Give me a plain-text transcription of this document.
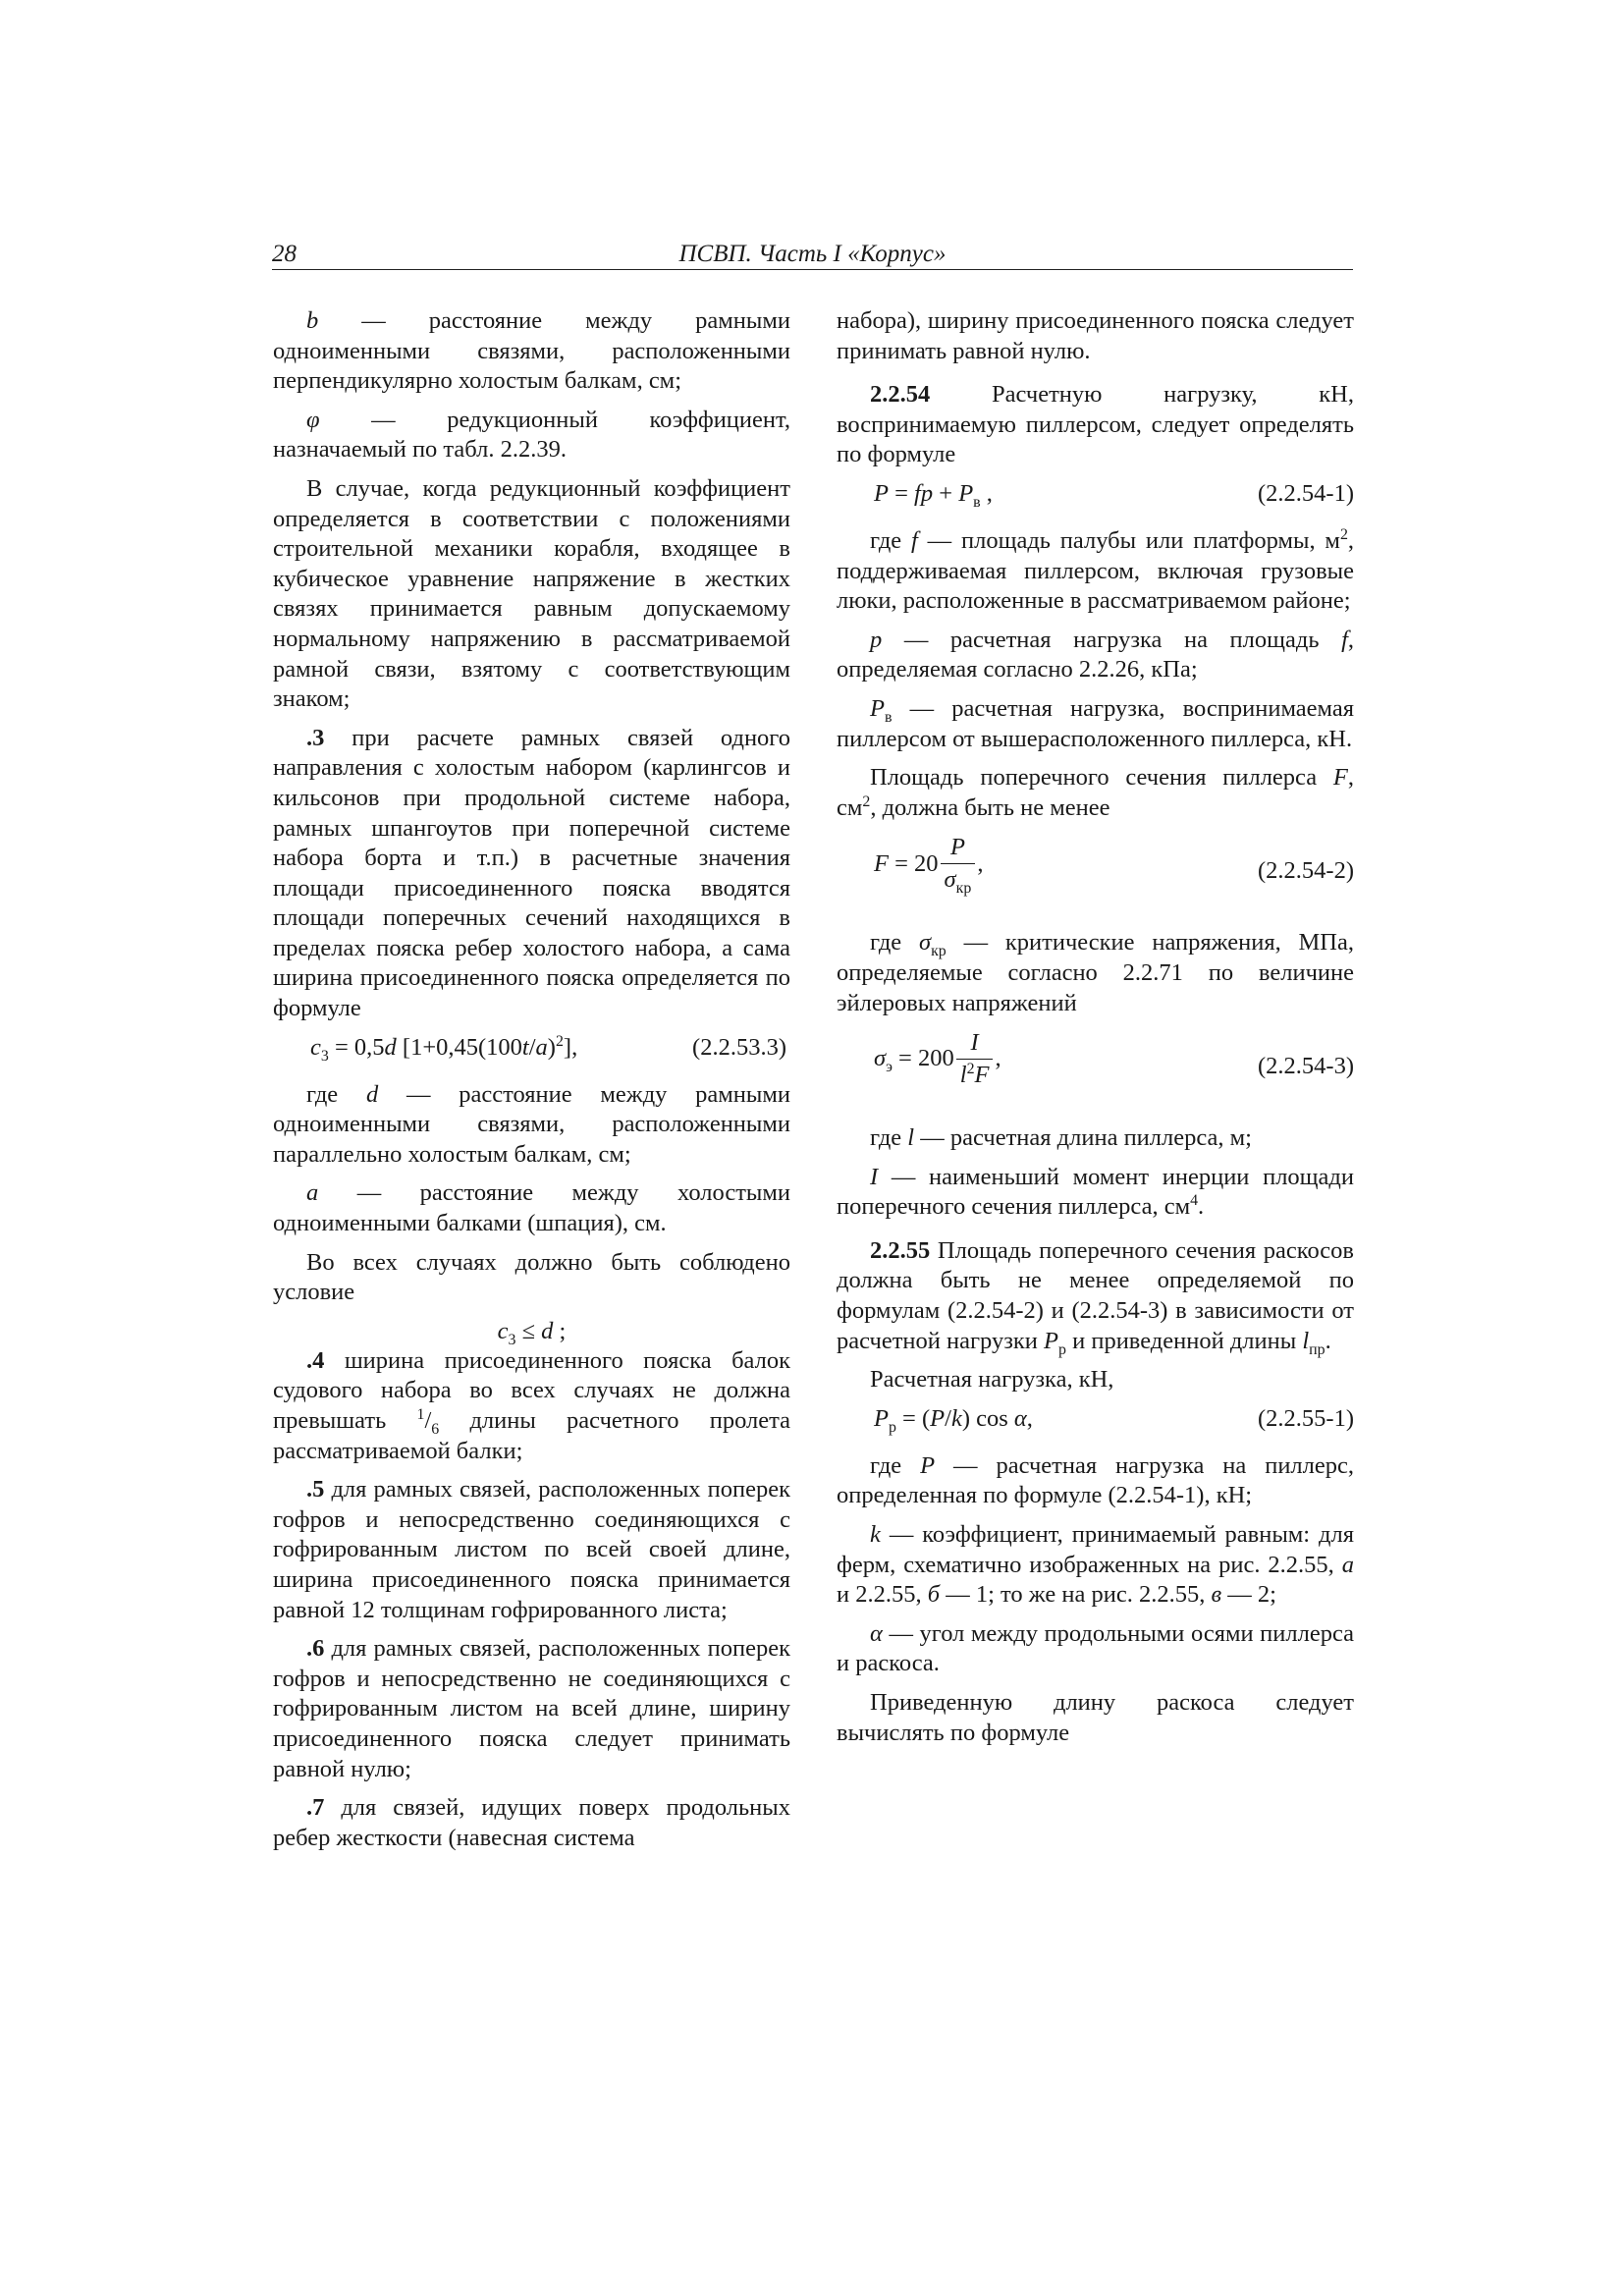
28	ПСВП. Часть I «Корпус»

b — расстояние между рамными одноименными связями, расположенными перпендикулярно холостым балкам, см;

φ — редукционный коэффициент, назначаемый по табл. 2.2.39.

В случае, когда редукционный коэффициент определяется в соответствии с положениями строительной механики корабля, входящее в кубическое уравнение напряжение в жестких связях принимается равным допускаемому нормальному напряжению в рассматриваемой рамной связи, взятому с соответствующим знаком;

.3 при расчете рамных связей одного направления с холостым набором (карлингсов и кильсонов при продольной системе набора, рамных шпангоутов при поперечной системе набора борта и т.п.) в расчетные значения площади присоединенного пояска вводятся площади поперечных сечений находящихся в пределах пояска ребер холостого набора, а сама ширина присоединенного пояска определяется по формуле

$c_3 = 0,5d$ $[1+0,45(100t/a)^2]$,	(2.2.53.3)

где d — расстояние между рамными одноименными связями, расположенными параллельно холостым балкам, см;

a — расстояние между холостыми одноименными балками (шпация), см.

Во всех случаях должно быть соблюдено условие

$c_3 \le d$ ;

.4 ширина присоединенного пояска балок судового набора во всех случаях не должна превышать $^1/_6$ длины расчетного пролета рассматриваемой балки;

.5 для рамных связей, расположенных поперек гофров и непосредственно соединяющихся с гофрированным листом по всей своей длине, ширина присоединенного пояска принимается равной 12 толщинам гофрированного листа;

.6 для рамных связей, расположенных поперек гофров и непосредственно не соединяющихся с гофрированным листом на всей длине, ширину присоединенного пояска следует принимать равной нулю;

.7 для связей, идущих поверх продольных ребер жесткости (навесная система

набора), ширину присоединенного пояска следует принимать равной нулю.

2.2.54	Расчетную нагрузку, кН, воспринимаемую пиллерсом, следует определять по формуле

P = fp + $P_в$ ,	(2.2.54-1)

где f — площадь палубы или платформы, $м^2$, поддерживаемая пиллерсом, включая грузовые люки, расположенные в рассматриваемом районе;

p — расчетная нагрузка на площадь f, определяемая согласно 2.2.26, кПа;

$P_в$ — расчетная нагрузка, воспринимаемая пиллерсом от вышерасположенного пиллерса, кН.

Площадь поперечного сечения пиллерса F, $см^2$, должна быть не менее

$F = 20 \frac{P}{\sigma_{кр}}$ ,	(2.2.54-2)

где $\sigma_{кр}$ — критические напряжения, МПа, определяемые согласно 2.2.71 по величине эйлеровых напряжений

$\sigma_э = 200 \frac{I}{l^2F}$ ,	(2.2.54-3)

где l — расчетная длина пиллерса, м;

I — наименьший момент инерции площади поперечного сечения пиллерса, $см^4$.

2.2.55 Площадь поперечного сечения раскосов должна быть не менее определяемой по формулам (2.2.54-2) и (2.2.54-3) в зависимости от расчетной нагрузки $P_р$ и приведенной длины $l_{пр}$.

Расчетная нагрузка, кН,

$P_р = (P/k)$ cos α,	(2.2.55-1)

где P — расчетная нагрузка на пиллерс, определенная по формуле (2.2.54-1), кН;

k — коэффициент, принимаемый равным: для ферм, схематично изображенных на рис. 2.2.55, а и 2.2.55, б — 1; то же на рис. 2.2.55, в — 2;

α — угол между продольными осями пиллерса и раскоса.

Приведенную длину раскоса следует вычислять по формуле
